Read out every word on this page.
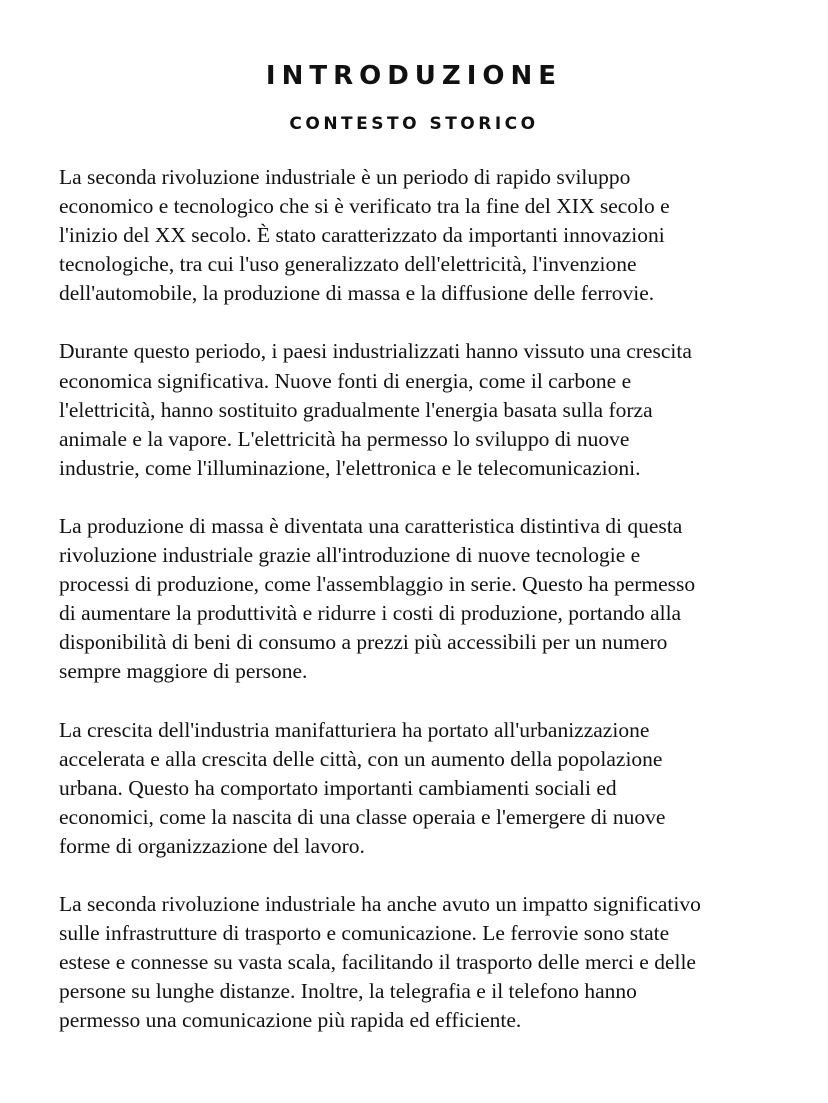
INTRODUZIONE
CONTESTO STORICO

La seconda rivoluzione industriale è un periodo di rapido sviluppo
economico e tecnologico che si è verificato tra la fine del XIX secolo e
l'inizio del XX secolo. È stato caratterizzato da importanti innovazioni
tecnologiche, tra cui l'uso generalizzato dell'elettricità, l'invenzione
dell'automobile, la produzione di massa e la diffusione delle ferrovie.

Durante questo periodo, i paesi industrializzati hanno vissuto una crescita
economica significativa. Nuove fonti di energia, come il carbone e
l'elettricità, hanno sostituito gradualmente l'energia basata sulla forza
animale e la vapore. L'elettricità ha permesso lo sviluppo di nuove
industrie, come l'illuminazione, l'elettronica e le telecomunicazioni.

La produzione di massa è diventata una caratteristica distintiva di questa
rivoluzione industriale grazie all'introduzione di nuove tecnologie e
processi di produzione, come l'assemblaggio in serie. Questo ha permesso
di aumentare la produttività e ridurre i costi di produzione, portando alla
disponibilità di beni di consumo a prezzi più accessibili per un numero
sempre maggiore di persone.

La crescita dell'industria manifatturiera ha portato all'urbanizzazione
accelerata e alla crescita delle città, con un aumento della popolazione
urbana. Questo ha comportato importanti cambiamenti sociali ed
economici, come la nascita di una classe operaia e l'emergere di nuove
forme di organizzazione del lavoro.

La seconda rivoluzione industriale ha anche avuto un impatto significativo
sulle infrastrutture di trasporto e comunicazione. Le ferrovie sono state
estese e connesse su vasta scala, facilitando il trasporto delle merci e delle
persone su lunghe distanze. Inoltre, la telegrafia e il telefono hanno
permesso una comunicazione più rapida ed efficiente.
